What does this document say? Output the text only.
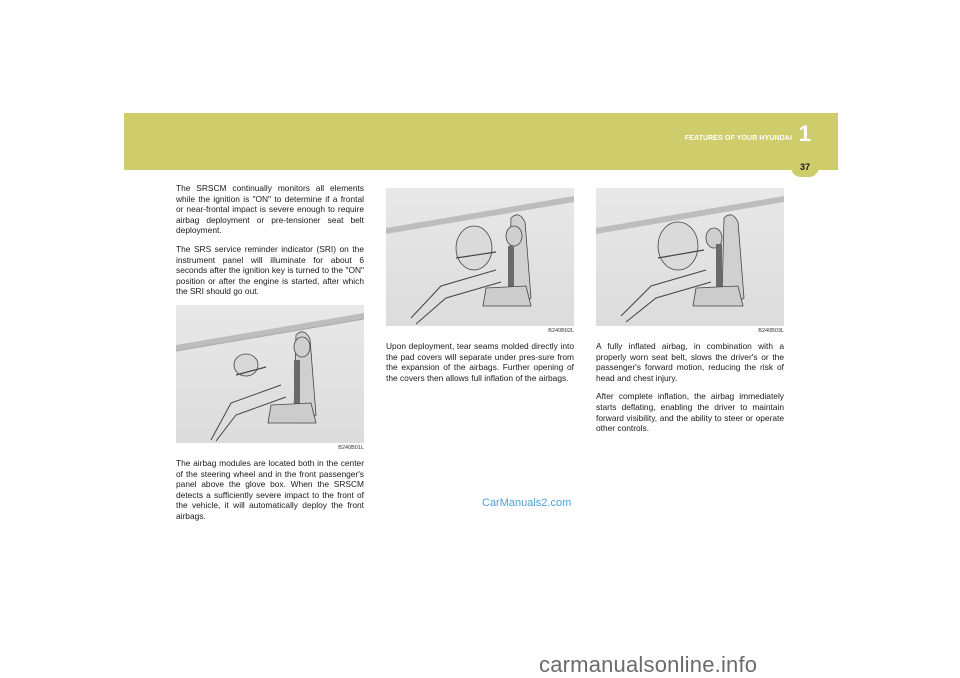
FEATURES OF YOUR HYUNDAI 1
37

The SRSCM continually monitors all elements while the ignition is "ON" to determine if a frontal or near-frontal impact is severe enough to require airbag deployment or pre-tensioner seat belt deployment.

The SRS service reminder indicator (SRI) on the instrument panel will illuminate for about 6 seconds after the ignition key is turned to the "ON" position or after the engine is started, after which the SRI should go out.

B240B01L

The airbag modules are located both in the center of the steering wheel and in the front passenger's panel above the glove box. When the SRSCM detects a sufficiently severe impact to the front of the vehicle, it will automatically deploy the front airbags.

B240B02L

Upon deployment, tear seams molded directly into the pad covers will separate under pres-sure from the expansion of the airbags. Further opening of the covers then allows full inflation of the airbags.

B240B03L

A fully inflated airbag, in combination with a properly worn seat belt, slows the driver's or the passenger's forward motion, reducing the risk of head and chest injury.

After complete inflation, the airbag immediately starts deflating, enabling the driver to maintain forward visibility, and the ability to steer or operate other controls.

CarManuals2.com
carmanualsonline.info
